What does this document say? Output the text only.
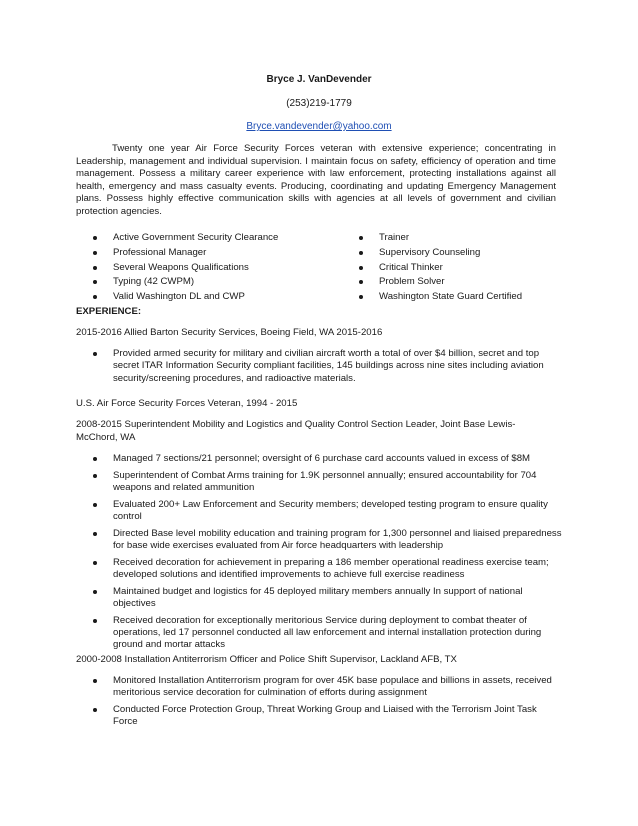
Bryce J. VanDevender
(253)219-1779
Bryce.vandevender@yahoo.com
Twenty one year Air Force Security Forces veteran with extensive experience; concentrating in Leadership, management and individual supervision. I maintain focus on safety, efficiency of operation and time management. Possess a military career experience with law enforcement, protecting installations against all health, emergency and mass casualty events. Producing, coordinating and updating Emergency Management plans. Possess highly effective communication skills with agencies at all levels of government and civilian protection agencies.
Active Government Security Clearance
Professional Manager
Several Weapons Qualifications
Typing (42 CWPM)
Valid Washington DL and CWP
Trainer
Supervisory Counseling
Critical Thinker
Problem Solver
Washington State Guard Certified
EXPERIENCE:
2015-2016 Allied Barton Security Services, Boeing Field, WA 2015-2016
Provided armed security for military and civilian aircraft worth a total of over $4 billion, secret and top secret ITAR Information Security compliant facilities, 145 buildings across nine sites including aviation security/screening procedures, and radioactive materials.
U.S. Air Force Security Forces Veteran, 1994 - 2015
2008-2015 Superintendent Mobility and Logistics and Quality Control Section Leader, Joint Base Lewis-McChord, WA
Managed 7 sections/21 personnel; oversight of 6 purchase card accounts valued in excess of $8M
Superintendent of Combat Arms training for 1.9K personnel annually; ensured accountability for 704 weapons and related ammunition
Evaluated 200+ Law Enforcement and Security members; developed testing program to ensure quality control
Directed Base level mobility education and training program for 1,300 personnel and liaised preparedness for base wide exercises evaluated from Air force headquarters with leadership
Received decoration for achievement in preparing a 186 member operational readiness exercise team; developed solutions and identified improvements to achieve full exercise readiness
Maintained budget and logistics for 45 deployed military members annually In support of national objectives
Received decoration for exceptionally meritorious Service during deployment to combat theater of operations, led 17 personnel conducted all law enforcement and internal installation protection during ground and mortar attacks
2000-2008 Installation Antiterrorism Officer and Police Shift Supervisor, Lackland AFB, TX
Monitored Installation Antiterrorism program for over 45K base populace and billions in assets, received meritorious service decoration for culmination of efforts during assignment
Conducted Force Protection Group, Threat Working Group and Liaised with the Terrorism Joint Task Force
